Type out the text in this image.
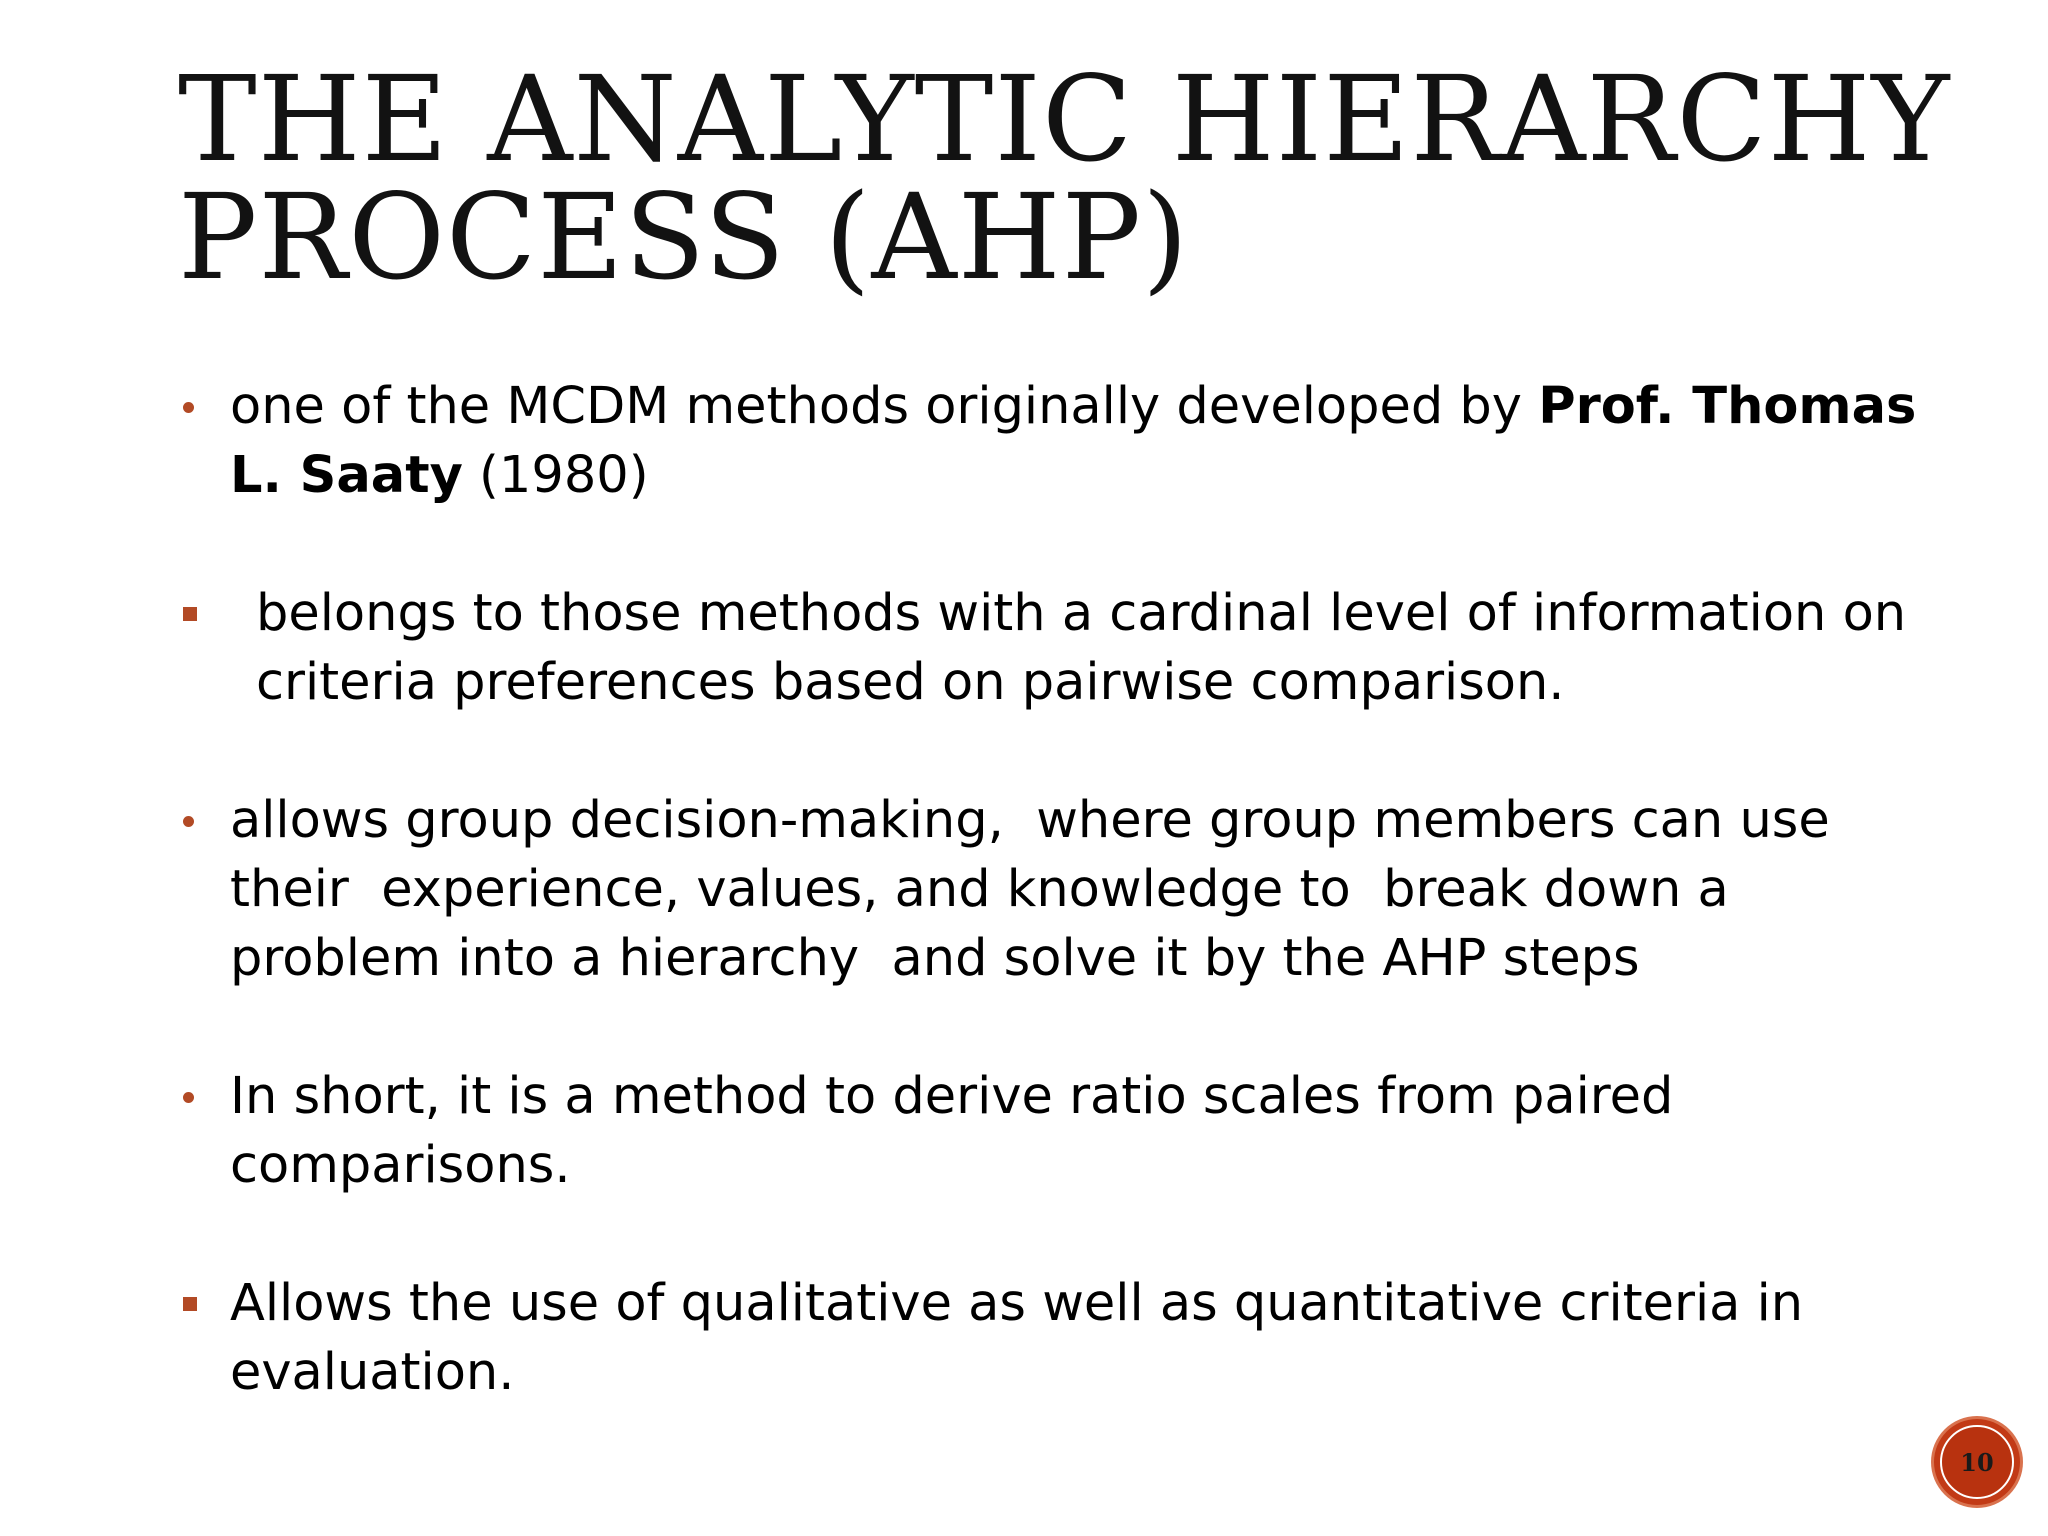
THE ANALYTIC HIERARCHY
PROCESS (AHP)
one of the MCDM methods originally developed by Prof. Thomas L. Saaty (1980)
belongs to those methods with a cardinal level of information on criteria preferences based on pairwise comparison.
allows group decision-making,  where group members can use their  experience, values, and knowledge to  break down a problem into a hierarchy  and solve it by the AHP steps
In short, it is a method to derive ratio scales from paired comparisons.
Allows the use of qualitative as well as quantitative criteria in evaluation.
10
